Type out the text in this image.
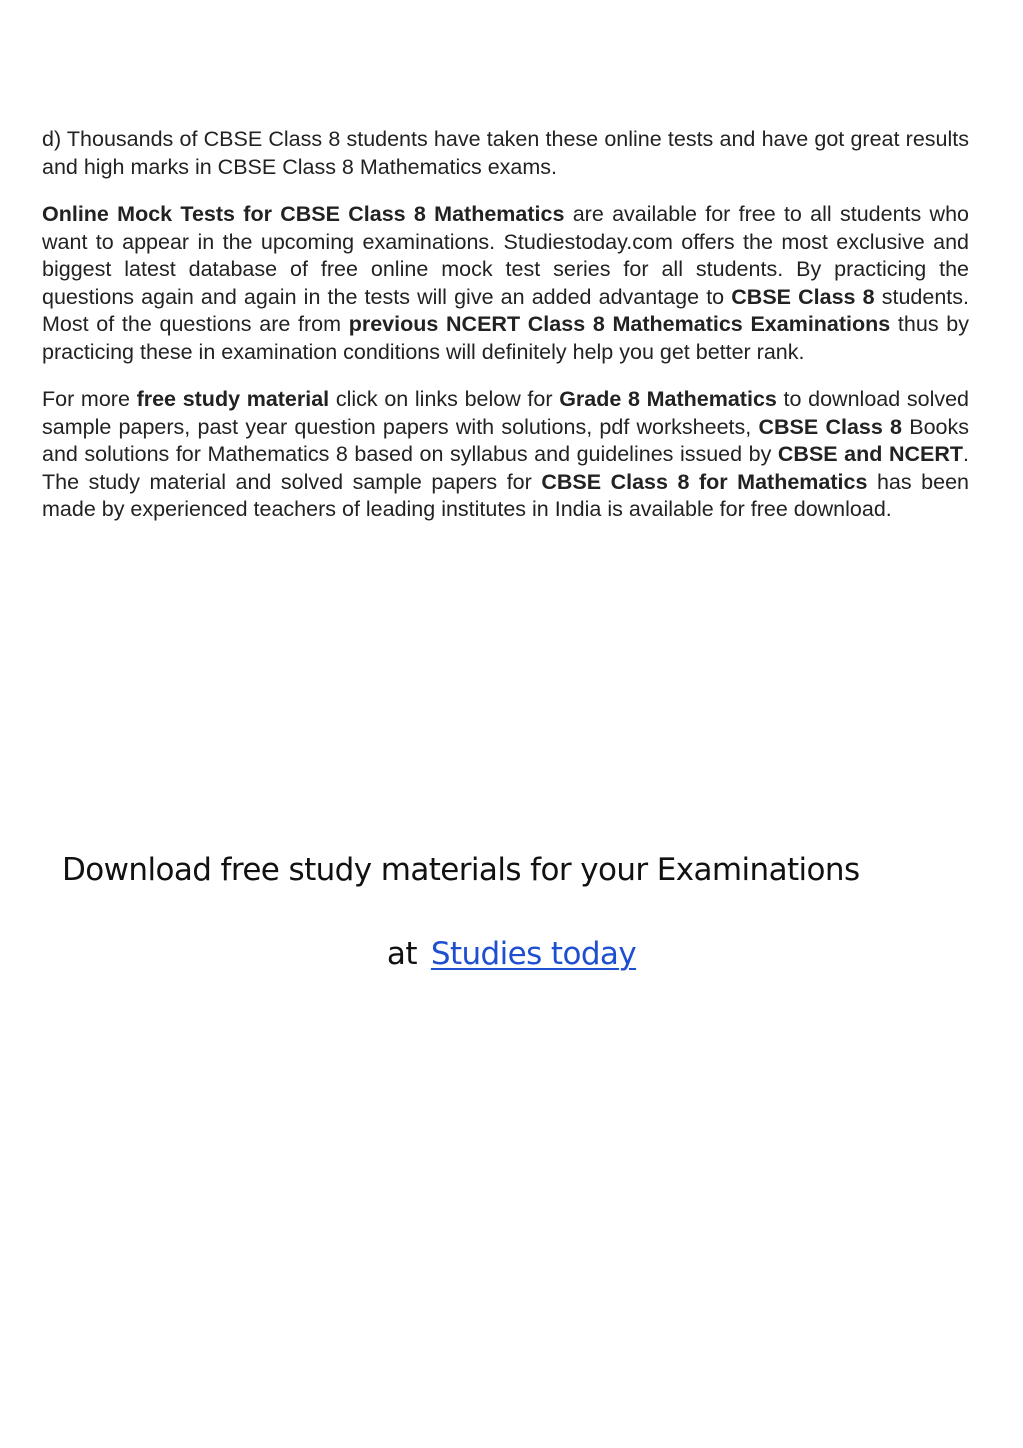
d) Thousands of CBSE Class 8 students have taken these online tests and have got great results and high marks in CBSE Class 8 Mathematics exams.

Online Mock Tests for CBSE Class 8 Mathematics are available for free to all students who want to appear in the upcoming examinations. Studiestoday.com offers the most exclusive and biggest latest database of free online mock test series for all students. By practicing the questions again and again in the tests will give an added advantage to CBSE Class 8 students. Most of the questions are from previous NCERT Class 8 Mathematics Examinations thus by practicing these in examination conditions will definitely help you get better rank.

For more free study material click on links below for Grade 8 Mathematics to download solved sample papers, past year question papers with solutions, pdf worksheets, CBSE Class 8 Books and solutions for Mathematics 8 based on syllabus and guidelines issued by CBSE and NCERT. The study material and solved sample papers for CBSE Class 8 for Mathematics has been made by experienced teachers of leading institutes in India is available for free download.

Download free study materials for your Examinations
at Studies today
